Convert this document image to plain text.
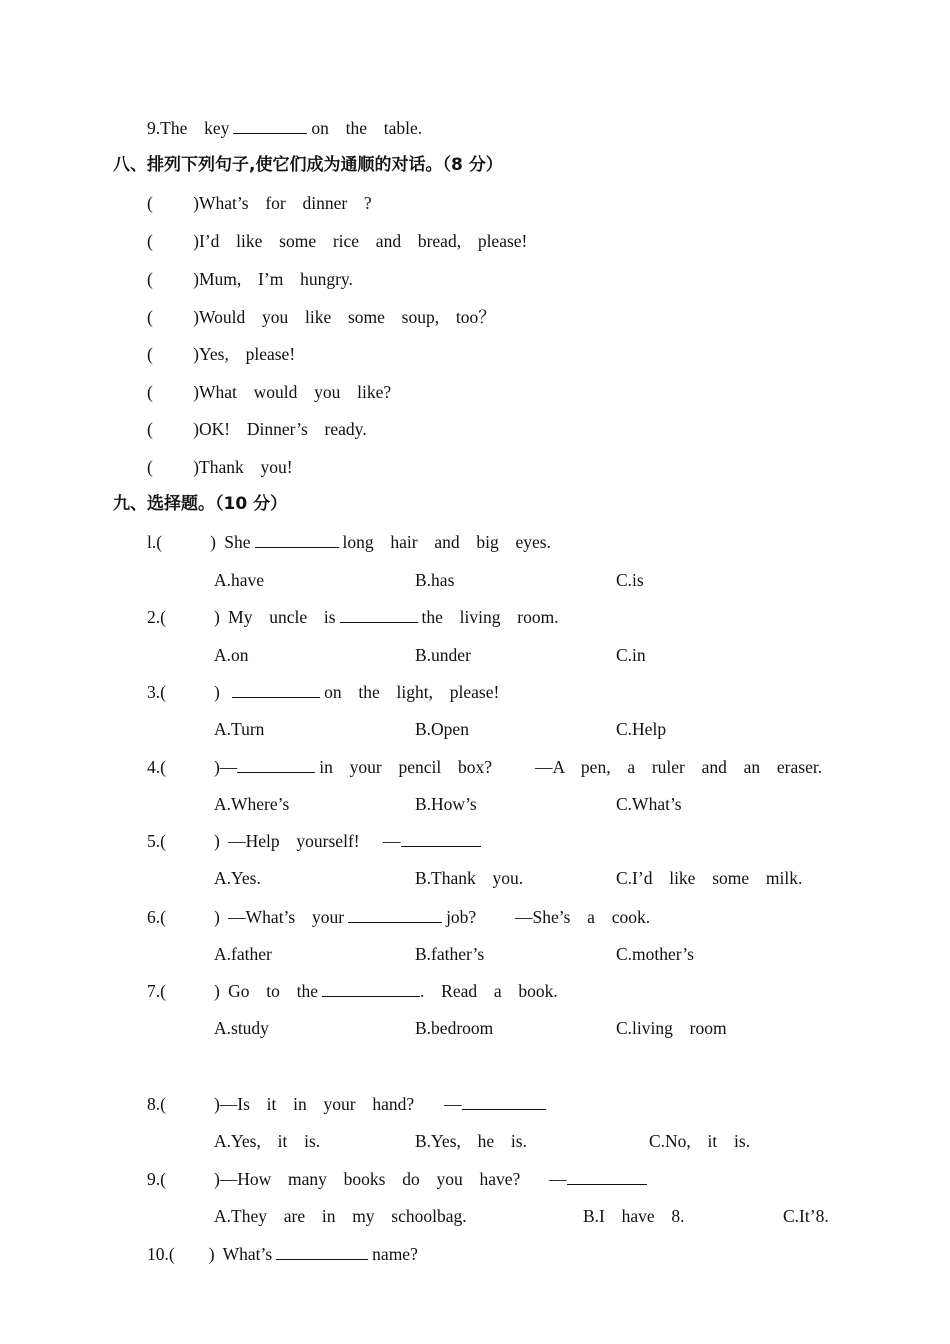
9.The  key	on  the  table.
八、排列下列句子,使它们成为通顺的对话。（8 分）
(  )What’s  for  dinner  ?
(  )I’d  like  some  rice  and  bread,  please!
(  )Mum,  I’m  hungry.
(  )Would  you  like  some  soup,  too？
(  )Yes,  please!
(  )What  would  you  like?
(  )OK!  Dinner’s  ready.
(  )Thank  you!
九、选择题。（10 分）
l.(	) She	long  hair  and  big  eyes.
A.have	B.has	C.is
2.(	) My  uncle  is	the  living  room.
A.on	B.under	C.in
3.(	)	on  the  light,  please!
A.Turn	B.Open	C.Help
4.(	)—	in  your  pencil  box? —A  pen,  a  ruler  and  an  eraser.
A.Where’s	B.How’s	C.What’s
5.(	) —Help  yourself! —
A.Yes.	B.Thank  you.	C.I’d  like  some  milk.
6.(	) —What’s  your	job? —She’s  a  cook.
A.father	B.father’s	C.mother’s
7.(	) Go  to  the	.  Read  a  book.
A.study	B.bedroom	C.living  room
8.(	)—Is  it  in  your  hand? —
A.Yes,  it  is.	B.Yes,  he  is.	C.No,  it  is.
9.(	)—How  many  books  do  you  have? —
A.They  are  in  my  schoolbag.	B.I  have  8.	C.It’8.
10.( ) What’s	name?
